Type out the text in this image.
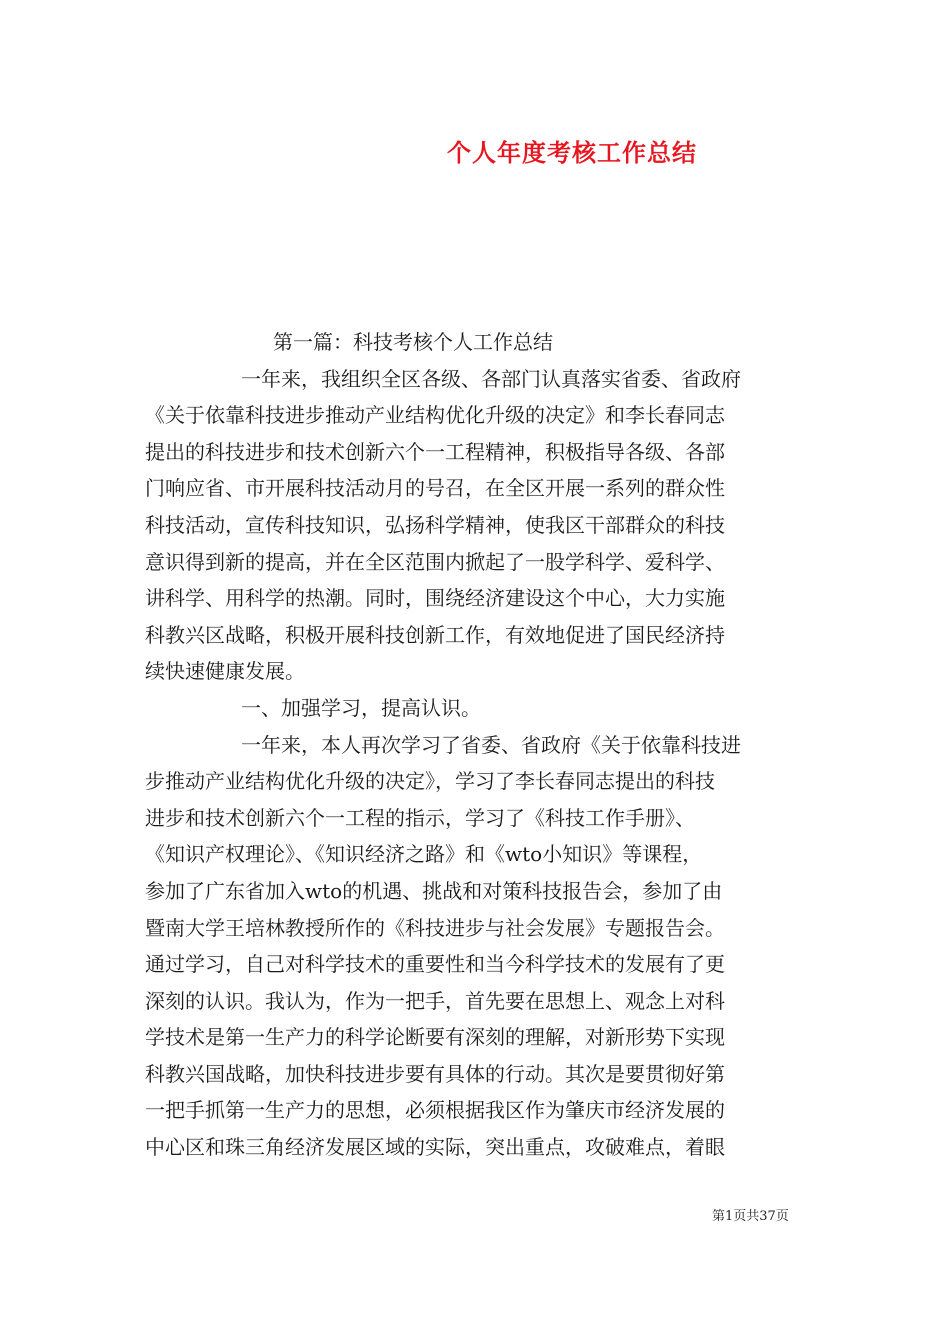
个人年度考核工作总结
第一篇：科技考核个人工作总结
一年来，我组织全区各级、各部门认真落实省委、省政府
《关于依靠科技进步推动产业结构优化升级的决定》和李长春同志
提出的科技进步和技术创新六个一工程精神，积极指导各级、各部
门响应省、市开展科技活动月的号召，在全区开展一系列的群众性
科技活动，宣传科技知识，弘扬科学精神，使我区干部群众的科技
意识得到新的提高，并在全区范围内掀起了一股学科学、爱科学、
讲科学、用科学的热潮。同时，围绕经济建设这个中心，大力实施
科教兴区战略，积极开展科技创新工作，有效地促进了国民经济持
续快速健康发展。
一、加强学习，提高认识。
一年来，本人再次学习了省委、省政府《关于依靠科技进
步推动产业结构优化升级的决定》，学习了李长春同志提出的科技
进步和技术创新六个一工程的指示，学习了《科技工作手册》、
《知识产权理论》、《知识经济之路》和《wto小知识》等课程，
参加了广东省加入wto的机遇、挑战和对策科技报告会，参加了由
暨南大学王培林教授所作的《科技进步与社会发展》专题报告会。
通过学习，自己对科学技术的重要性和当今科学技术的发展有了更
深刻的认识。我认为，作为一把手，首先要在思想上、观念上对科
学技术是第一生产力的科学论断要有深刻的理解，对新形势下实现
科教兴国战略，加快科技进步要有具体的行动。其次是要贯彻好第
一把手抓第一生产力的思想，必须根据我区作为肇庆市经济发展的
中心区和珠三角经济发展区域的实际，突出重点，攻破难点，着眼
第1页共37页
